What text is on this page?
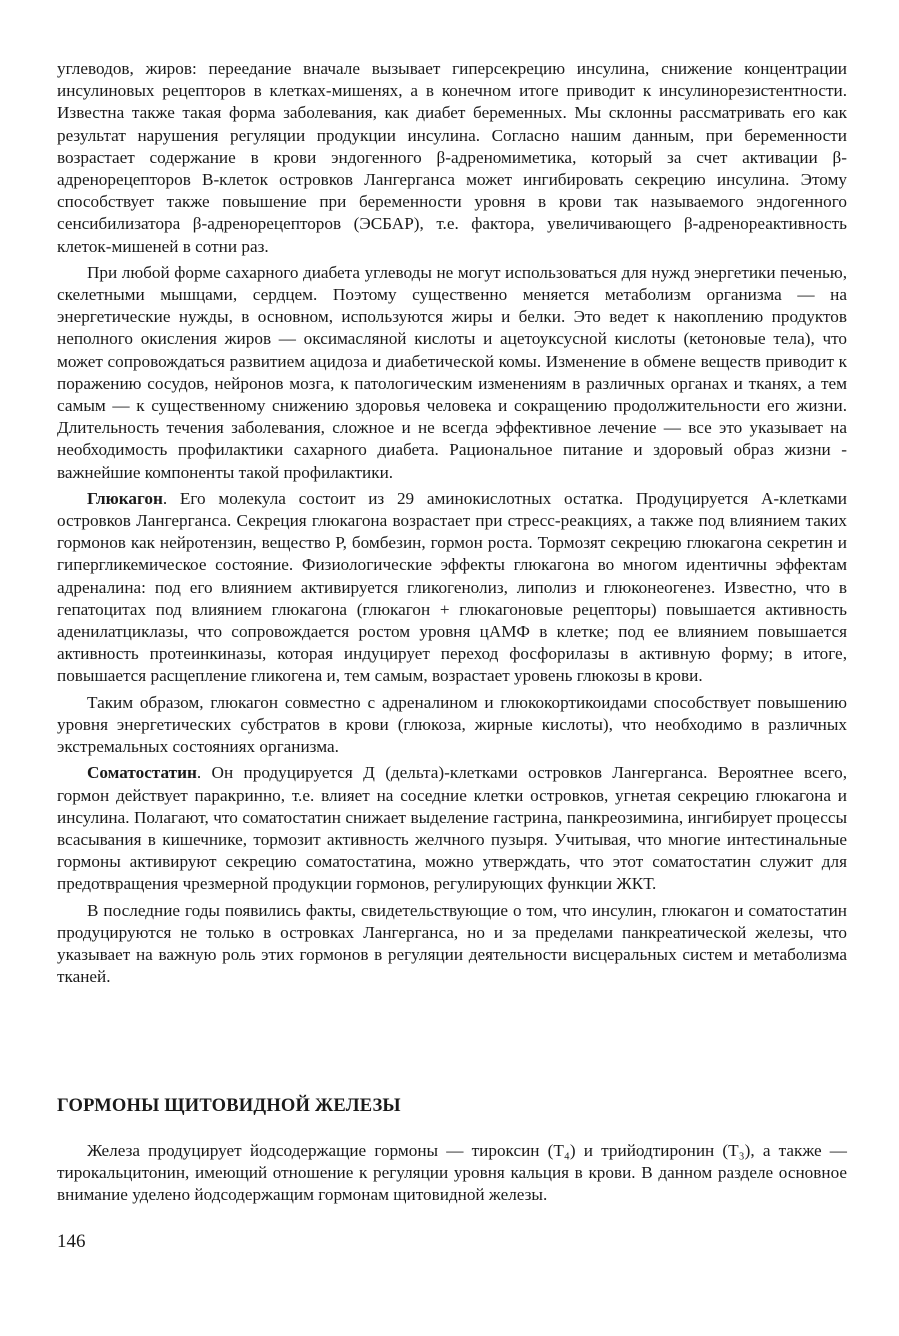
углеводов, жиров: переедание вначале вызывает гиперсекрецию инсулина, снижение концентрации инсулиновых рецепторов в клетках-мишенях, а в конечном итоге приводит к инсулинорезистентности. Известна также такая форма заболевания, как диабет беременных. Мы склонны рассматривать его как результат нарушения регуляции продукции инсулина. Согласно нашим данным, при беременности возрастает содержание в крови эндогенного β-адреномиметика, который за счет активации β-адренорецепторов В-клеток островков Лангерганса может ингибировать секрецию инсулина. Этому способствует также повышение при беременности уровня в крови так называемого эндогенного сенсибилизатора β-адренорецепторов (ЭСБАР), т.е. фактора, увеличивающего β-адренореактивность клеток-мишеней в сотни раз.

При любой форме сахарного диабета углеводы не могут использоваться для нужд энергетики печенью, скелетными мышцами, сердцем. Поэтому существенно меняется метаболизм организма — на энергетические нужды, в основном, используются жиры и белки. Это ведет к накоплению продуктов неполного окисления жиров — оксимасляной кислоты и ацетоуксусной кислоты (кетоновые тела), что может сопровождаться развитием ацидоза и диабетической комы. Изменение в обмене веществ приводит к поражению сосудов, нейронов мозга, к патологическим изменениям в различных органах и тканях, а тем самым — к существенному снижению здоровья человека и сокращению продолжительности его жизни. Длительность течения заболевания, сложное и не всегда эффективное лечение — все это указывает на необходимость профилактики сахарного диабета. Рациональное питание и здоровый образ жизни - важнейшие компоненты такой профилактики.

Глюкагон. Его молекула состоит из 29 аминокислотных остатка. Продуцируется А-клетками островков Лангерганса. Секреция глюкагона возрастает при стресс-реакциях, а также под влиянием таких гормонов как нейротензин, вещество Р, бомбезин, гормон роста. Тормозят секрецию глюкагона секретин и гипергликемическое состояние. Физиологические эффекты глюкагона во многом идентичны эффектам адреналина: под его влиянием активируется гликогенолиз, липолиз и глюконеогенез. Известно, что в гепатоцитах под влиянием глюкагона (глюкагон + глюкагоновые рецепторы) повышается активность аденилатциклазы, что сопровождается ростом уровня цАМФ в клетке; под ее влиянием повышается активность протеинкиназы, которая индуцирует переход фосфорилазы в активную форму; в итоге, повышается расщепление гликогена и, тем самым, возрастает уровень глюкозы в крови.

Таким образом, глюкагон совместно с адреналином и глюкокортикоидами способствует повышению уровня энергетических субстратов в крови (глюкоза, жирные кислоты), что необходимо в различных экстремальных состояниях организма.

Соматостатин. Он продуцируется Д (дельта)-клетками островков Лангерганса. Вероятнее всего, гормон действует паракринно, т.е. влияет на соседние клетки островков, угнетая секрецию глюкагона и инсулина. Полагают, что соматостатин снижает выделение гастрина, панкреозимина, ингибирует процессы всасывания в кишечнике, тормозит активность желчного пузыря. Учитывая, что многие интестинальные гормоны активируют секрецию соматостатина, можно утверждать, что этот соматостатин служит для предотвращения чрезмерной продукции гормонов, регулирующих функции ЖКТ.

В последние годы появились факты, свидетельствующие о том, что инсулин, глюкагон и соматостатин продуцируются не только в островках Лангерганса, но и за пределами панкреатической железы, что указывает на важную роль этих гормонов в регуляции деятельности висцеральных систем и метаболизма тканей.

ГОРМОНЫ ЩИТОВИДНОЙ ЖЕЛЕЗЫ

Железа продуцирует йодсодержащие гормоны — тироксин (Т₄) и трийодтиронин (Т₃), а также — тирокальцитонин, имеющий отношение к регуляции уровня кальция в крови. В данном разделе основное внимание уделено йодсодержащим гормонам щитовидной железы.

146
